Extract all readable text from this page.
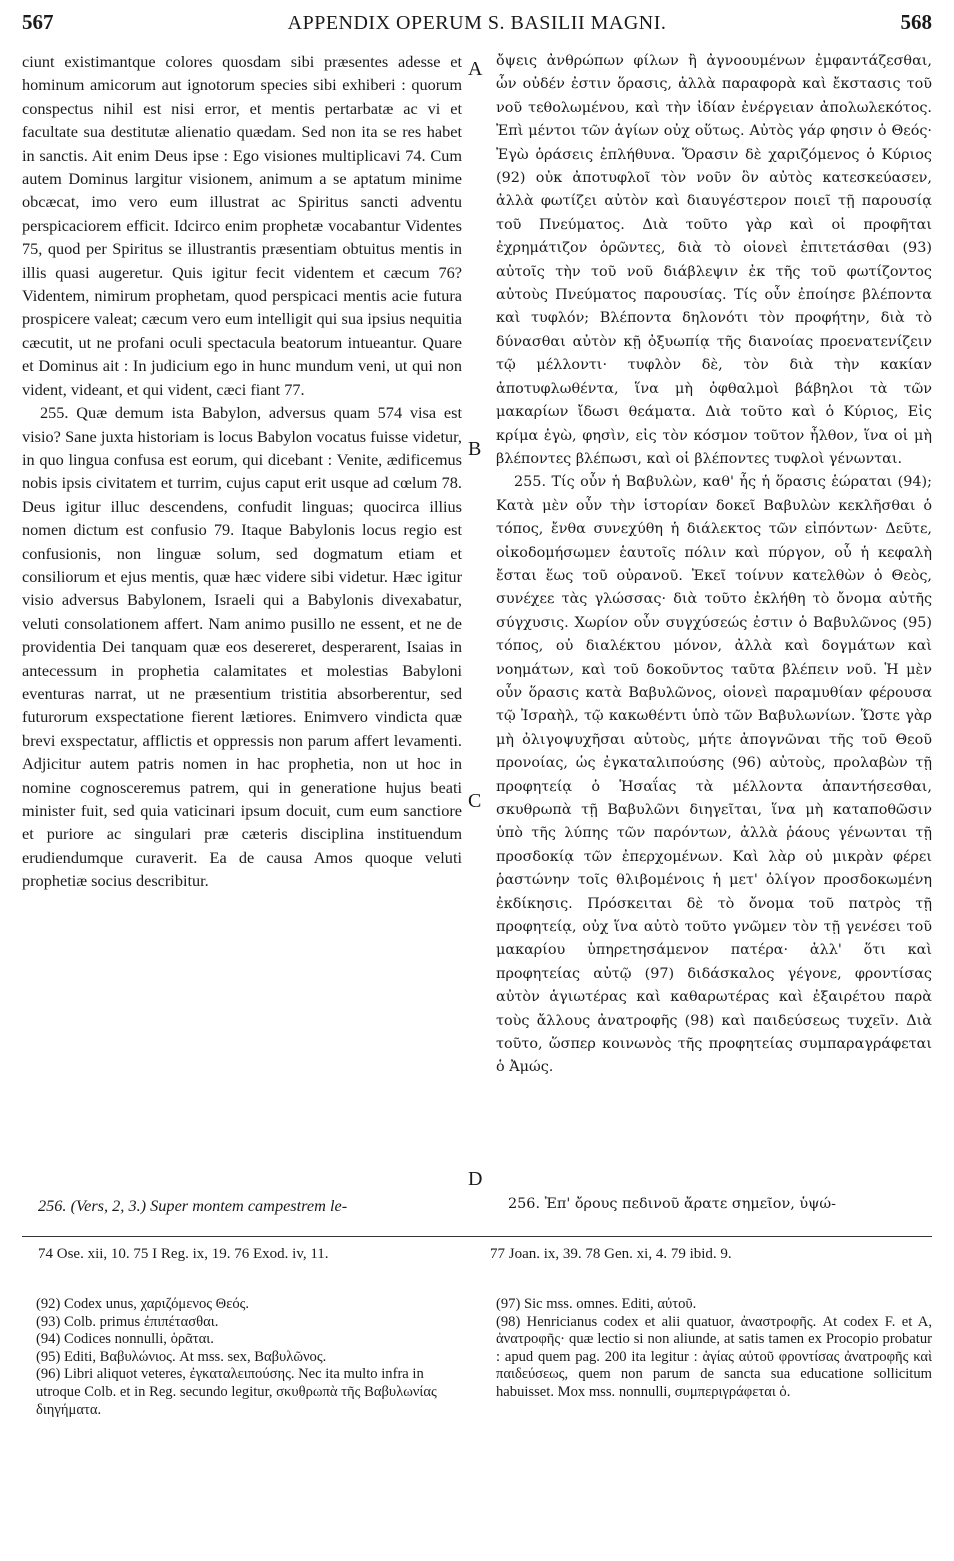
567	APPENDIX OPERUM S. BASILII MAGNI.	568

ciunt existimantque colores quosdam sibi præsentes adesse et hominum amicorum aut ignotorum species sibi exhiberi : quorum conspectus nihil est nisi error, et mentis pertarbatæ ac vi et facultate sua destitutæ alienatio quædam. Sed non ita se res habet in sanctis. Ait enim Deus ipse : Ego visiones multiplicavi 74. Cum autem Dominus largitur visionem, animum a se aptatum minime obcæcat, imo vero eum illustrat ac Spiritus sancti adventu perspicaciorem efficit. Idcirco enim prophetæ vocabantur Videntes 75, quod per Spiritus se illustrantis præsentiam obtuitus mentis in illis quasi augeretur. Quis igitur fecit videntem et cæcum 76? Videntem, nimirum prophetam, quod perspicaci mentis acie futura prospicere valeat; cæcum vero eum intelligit qui sua ipsius nequitia cæcutit, ut ne profani oculi spectacula beatorum intueantur. Quare et Dominus ait : In judicium ego in hunc mundum veni, ut qui non vident, videant, et qui vident, cæci fiant 77.

255. Quæ demum ista Babylon, adversus quam 574 visa est visio? Sane juxta historiam is locus Babylon vocatus fuisse videtur, in quo lingua confusa est eorum, qui dicebant : Venite, ædificemus nobis ipsis civitatem et turrim, cujus caput erit usque ad cœlum 78. Deus igitur illuc descendens, confudit linguas; quocirca illius nomen dictum est confusio 79. Itaque Babylonis locus regio est confusionis, non linguæ solum, sed dogmatum etiam et consiliorum et ejus mentis, quæ hæc videre sibi videtur. Hæc igitur visio adversus Babylonem, Israeli qui a Babylonis divexabatur, veluti consolationem affert. Nam animo pusillo ne essent, et ne de providentia Dei tanquam quæ eos desereret, desperarent, Isaias in antecessum in prophetia calamitates et molestias Babyloni eventuras narrat, ut ne præsentium tristitia absorberentur, sed futurorum exspectatione fierent lætiores. Enimvero vindicta quæ brevi exspectatur, afflictis et oppressis non parum affert levamenti. Adjicitur autem patris nomen in hac prophetia, non ut hoc in nomine cognosceremus patrem, qui in generatione hujus beati minister fuit, sed quia vaticinari ipsum docuit, cum eum sanctiore et puriore ac singulari præ cæteris disciplina instituendum erudiendumque curaverit. Ea de causa Amos quoque veluti prophetiæ socius describitur.

ὄψεις ἀνθρώπων φίλων ἢ ἀγνοουμένων ἐμφαντάζεσθαι, ὧν οὐδέν ἐστιν ὅρασις, ἀλλὰ παραφορὰ καὶ ἔκστασις τοῦ νοῦ τεθολωμένου, καὶ τὴν ἰδίαν ἐνέργειαν ἀπολωλεκότος. Ἐπὶ μέντοι τῶν ἁγίων οὐχ οὕτως. Αὐτὸς γάρ φησιν ὁ Θεός· Ἐγὼ ὁράσεις ἐπλήθυνα. Ὅρασιν δὲ χαριζόμενος ὁ Κύριος (92) οὐκ ἀποτυφλοῖ τὸν νοῦν ὃν αὐτὸς κατεσκεύασεν, ἀλλὰ φωτίζει αὐτὸν καὶ διαυγέστερον ποιεῖ τῇ παρουσίᾳ τοῦ Πνεύματος. Διὰ τοῦτο γὰρ καὶ οἱ προφῆται ἐχρημάτιζον ὁρῶντες, διὰ τὸ οἱονεὶ ἐπιτετάσθαι (93) αὐτοῖς τὴν τοῦ νοῦ διάβλεψιν ἐκ τῆς τοῦ φωτίζοντος αὐτοὺς Πνεύματος παρουσίας. Τίς οὖν ἐποίησε βλέποντα καὶ τυφλόν; Βλέποντα δηλονότι τὸν προφήτην, διὰ τὸ δύνασθαι αὐτὸν κῇ ὀξυωπίᾳ τῆς διανοίας προενατενίζειν τῷ μέλλοντι· τυφλὸν δὲ, τὸν διὰ τὴν κακίαν ἀποτυφλωθέντα, ἵνα μὴ ὀφθαλμοὶ βάβηλοι τὰ τῶν μακαρίων ἴδωσι θεάματα. Διὰ τοῦτο καὶ ὁ Κύριος, Εἰς κρίμα ἐγὼ, φησὶν, εἰς τὸν κόσμον τοῦτον ἦλθον, ἵνα οἱ μὴ βλέποντες βλέπωσι, καὶ οἱ βλέποντες τυφλοὶ γένωνται.

255. Τίς οὖν ἡ Βαβυλὼν, καθ' ἧς ἡ ὅρασις ἑώραται (94); Κατὰ μὲν οὖν τὴν ἱστορίαν δοκεῖ Βαβυλὼν κεκλῆσθαι ὁ τόπος, ἔνθα συνεχύθη ἡ διάλεκτος τῶν εἰπόντων· Δεῦτε, οἰκοδομήσωμεν ἑαυτοῖς πόλιν καὶ πύργον, οὗ ἡ κεφαλὴ ἔσται ἕως τοῦ οὐρανοῦ. Ἐκεῖ τοίνυν κατελθὼν ὁ Θεὸς, συνέχεε τὰς γλώσσας· διὰ τοῦτο ἐκλήθη τὸ ὄνομα αὐτῆς σύγχυσις. Χωρίον οὖν συγχύσεώς ἐστιν ὁ Βαβυλῶνος (95) τόπος, οὐ διαλέκτου μόνον, ἀλλὰ καὶ δογμάτων καὶ νοημάτων, καὶ τοῦ δοκοῦντος ταῦτα βλέπειν νοῦ. Ἡ μὲν οὖν ὅρασις κατὰ Βαβυλῶνος, οἱονεὶ παραμυθίαν φέρουσα τῷ Ἰσραὴλ, τῷ κακωθέντι ὑπὸ τῶν Βαβυλωνίων. Ὥστε γὰρ μὴ ὀλιγοψυχῆσαι αὐτοὺς, μήτε ἀπογνῶναι τῆς τοῦ Θεοῦ προνοίας, ὡς ἐγκαταλιπούσης (96) αὐτοὺς, προλαβὼν τῇ προφητείᾳ ὁ Ἡσαΐας τὰ μέλλοντα ἀπαντήσεσθαι, σκυθρωπὰ τῇ Βαβυλῶνι διηγεῖται, ἵνα μὴ καταποθῶσιν ὑπὸ τῆς λύπης τῶν παρόντων, ἀλλὰ ῥάους γένωνται τῇ προσδοκίᾳ τῶν ἐπερχομένων. Καὶ λὰρ οὐ μικρὰν φέρει ῥαστώνην τοῖς θλιβομένοις ἡ μετ' ὀλίγον προσδοκωμένη ἐκδίκησις. Πρόσκειται δὲ τὸ ὄνομα τοῦ πατρὸς τῇ προφητείᾳ, οὐχ ἵνα αὐτὸ τοῦτο γνῶμεν τὸν τῇ γενέσει τοῦ μακαρίου ὑπηρετησάμενον πατέρα· ἀλλ' ὅτι καὶ προφητείας αὐτῷ (97) διδάσκαλος γέγονε, φροντίσας αὐτὸν ἁγιωτέρας καὶ καθαρωτέρας καὶ ἐξαιρέτου παρὰ τοὺς ἄλλους ἀνατροφῆς (98) καὶ παιδεύσεως τυχεῖν. Διὰ τοῦτο, ὥσπερ κοινωνὸς τῆς προφητείας συμπαραγράφεται ὁ Ἀμώς.

A
B
C
D
256. (Vers, 2, 3.) Super montem campestrem le-	256. Ἐπ' ὄρους πεδινοῦ ἄρατε σημεῖον, ὑψώ-
74 Ose. xii, 10. 75 I Reg. ix, 19. 76 Exod. iv, 11.	77 Joan. ix, 39. 78 Gen. xi, 4. 79 ibid. 9.

(92) Codex unus, χαριζόμενος Θεός.

(93) Colb. primus ἐπιπέτασθαι.

(94) Codices nonnulli, ὁρᾶται.

(95) Editi, Βαβυλώνιος. At mss. sex, Βαβυλῶνος.

(96) Libri aliquot veteres, ἐγκαταλειπούσης. Nec ita multo infra in utroque Colb. et in Reg. secundo legitur, σκυθρωπὰ τῆς Βαβυλωνίας διηγήματα.

(97) Sic mss. omnes. Editi, αὐτοῦ.

(98) Henricianus codex et alii quatuor, ἀναστροφῆς. At codex F. et A, ἀνατροφῆς· quæ lectio si non aliunde, at satis tamen ex Procopio probatur : apud quem pag. 200 ita legitur : ἁγίας αὐτοῦ φροντίσας ἀνατροφῆς καὶ παιδεύσεως, quem non parum de sancta sua educatione sollicitum habuisset. Mox mss. nonnulli, συμπεριγράφεται ὁ.
